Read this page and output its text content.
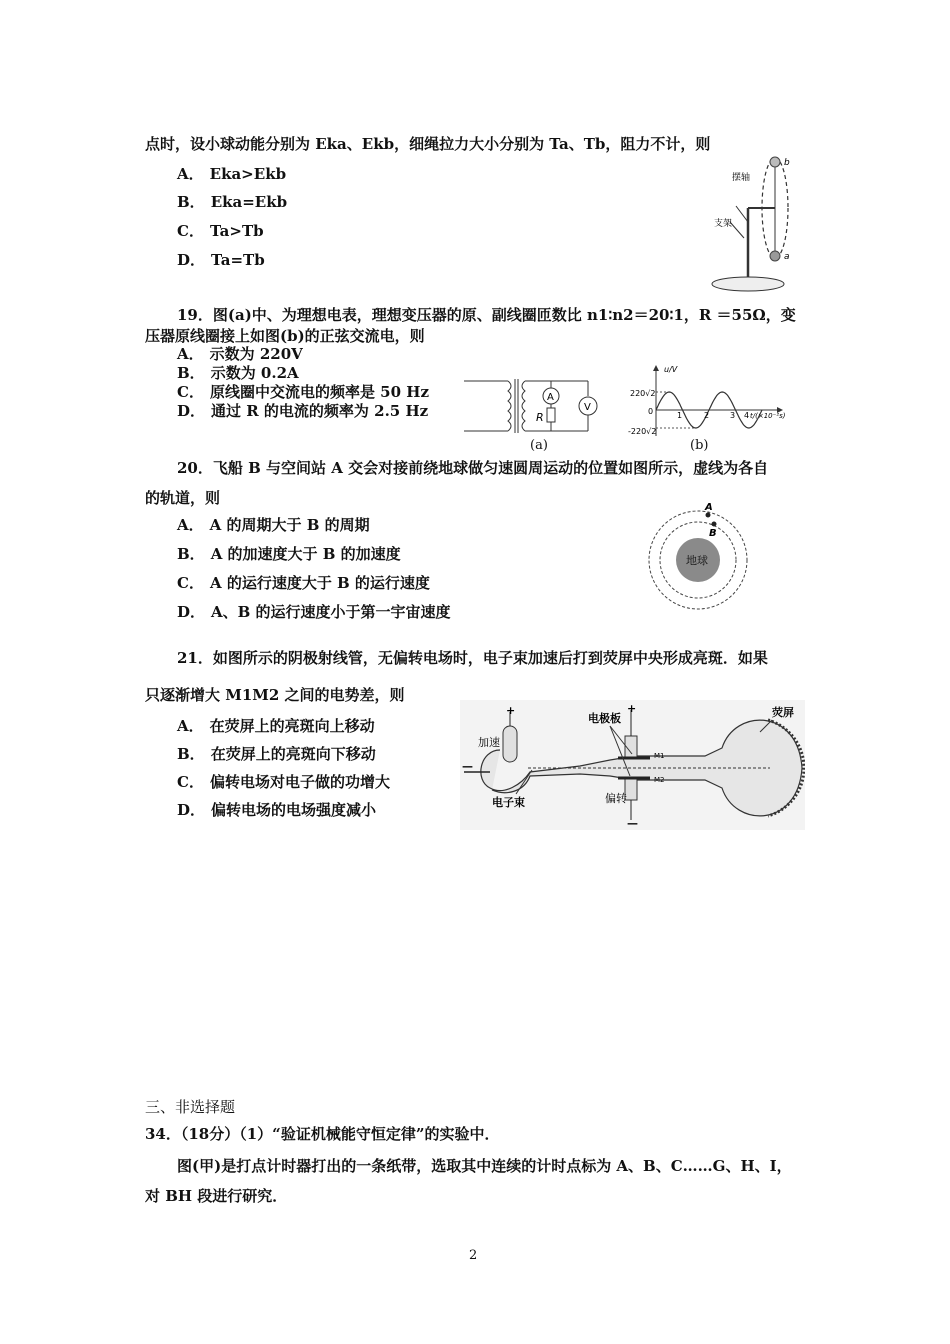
点时，设小球动能分别为 Eka、Ekb，细绳拉力大小分别为 Ta、Tb，阻力不计，则
A． Eka>Ekb
B． Eka=Ekb
C． Ta>Tb
D． Ta=Tb
摆轴
支架
b
a
19．图(a)中、为理想电表，理想变压器的原、副线圈匝数比 n1∶n2＝20∶1，R ＝55Ω，变
压器原线圈接上如图(b)的正弦交流电，则
A． 示数为 220V
B． 示数为 0.2A
C． 原线圈中交流电的频率是 50 Hz
D． 通过 R 的电流的频率为 2.5 Hz
A
R
V
(a)
u/V
220√2
0
-220√2
1	2	3 4 t/(×10⁻²s)
(b)
20．飞船 B 与空间站 A 交会对接前绕地球做匀速圆周运动的位置如图所示，虚线为各自
的轨道，则
A． A 的周期大于 B 的周期
B． A 的加速度大于 B 的加速度
C． A 的运行速度大于 B 的运行速度
D． A、B 的运行速度小于第一宇宙速度
地球
A
B
21．如图所示的阴极射线管，无偏转电场时，电子束加速后打到荧屏中央形成亮斑．如果
只逐渐增大 M1M2 之间的电势差，则
A． 在荧屏上的亮斑向上移动
B． 在荧屏上的亮斑向下移动
C． 偏转电场对电子做的功增大
D． 偏转电场的电场强度减小
+	+
—
—
加速
电极板	荧屏
电子束	偏转
M1
M2
三、非选择题
34．（18分）（1）“验证机械能守恒定律”的实验中．
图(甲)是打点计时器打出的一条纸带，选取其中连续的计时点标为 A、B、C……G、H、I，
对 BH 段进行研究．
2
